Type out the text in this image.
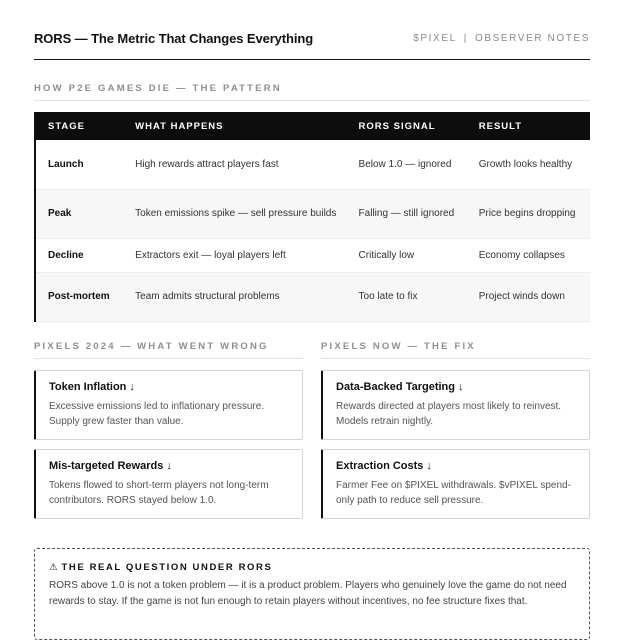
RORS — The Metric That Changes Everything	$PIXEL | OBSERVER NOTES
HOW P2E GAMES DIE — THE PATTERN
STAGE	WHAT HAPPENS	RORS SIGNAL	RESULT
Launch	High rewards attract players fast	Below 1.0 — ignored	Growth looks healthy
Peak	Token emissions spike — sell pressure builds	Falling — still ignored	Price begins dropping
Decline	Extractors exit — loyal players left	Critically low	Economy collapses
Post-mortem	Team admits structural problems	Too late to fix	Project winds down
PIXELS 2024 — WHAT WENT WRONG	PIXELS NOW — THE FIX
Token Inflation ↓
Excessive emissions led to inflationary pressure. Supply grew faster than value.
Mis-targeted Rewards ↓
Tokens flowed to short-term players not long-term contributors. RORS stayed below 1.0.
Data-Backed Targeting ↓
Rewards directed at players most likely to reinvest. Models retrain nightly.
Extraction Costs ↓
Farmer Fee on $PIXEL withdrawals. $vPIXEL spend-only path to reduce sell pressure.
⚠ THE REAL QUESTION UNDER RORS
RORS above 1.0 is not a token problem — it is a product problem. Players who genuinely love the game do not need rewards to stay. If the game is not fun enough to retain players without incentives, no fee structure fixes that.
